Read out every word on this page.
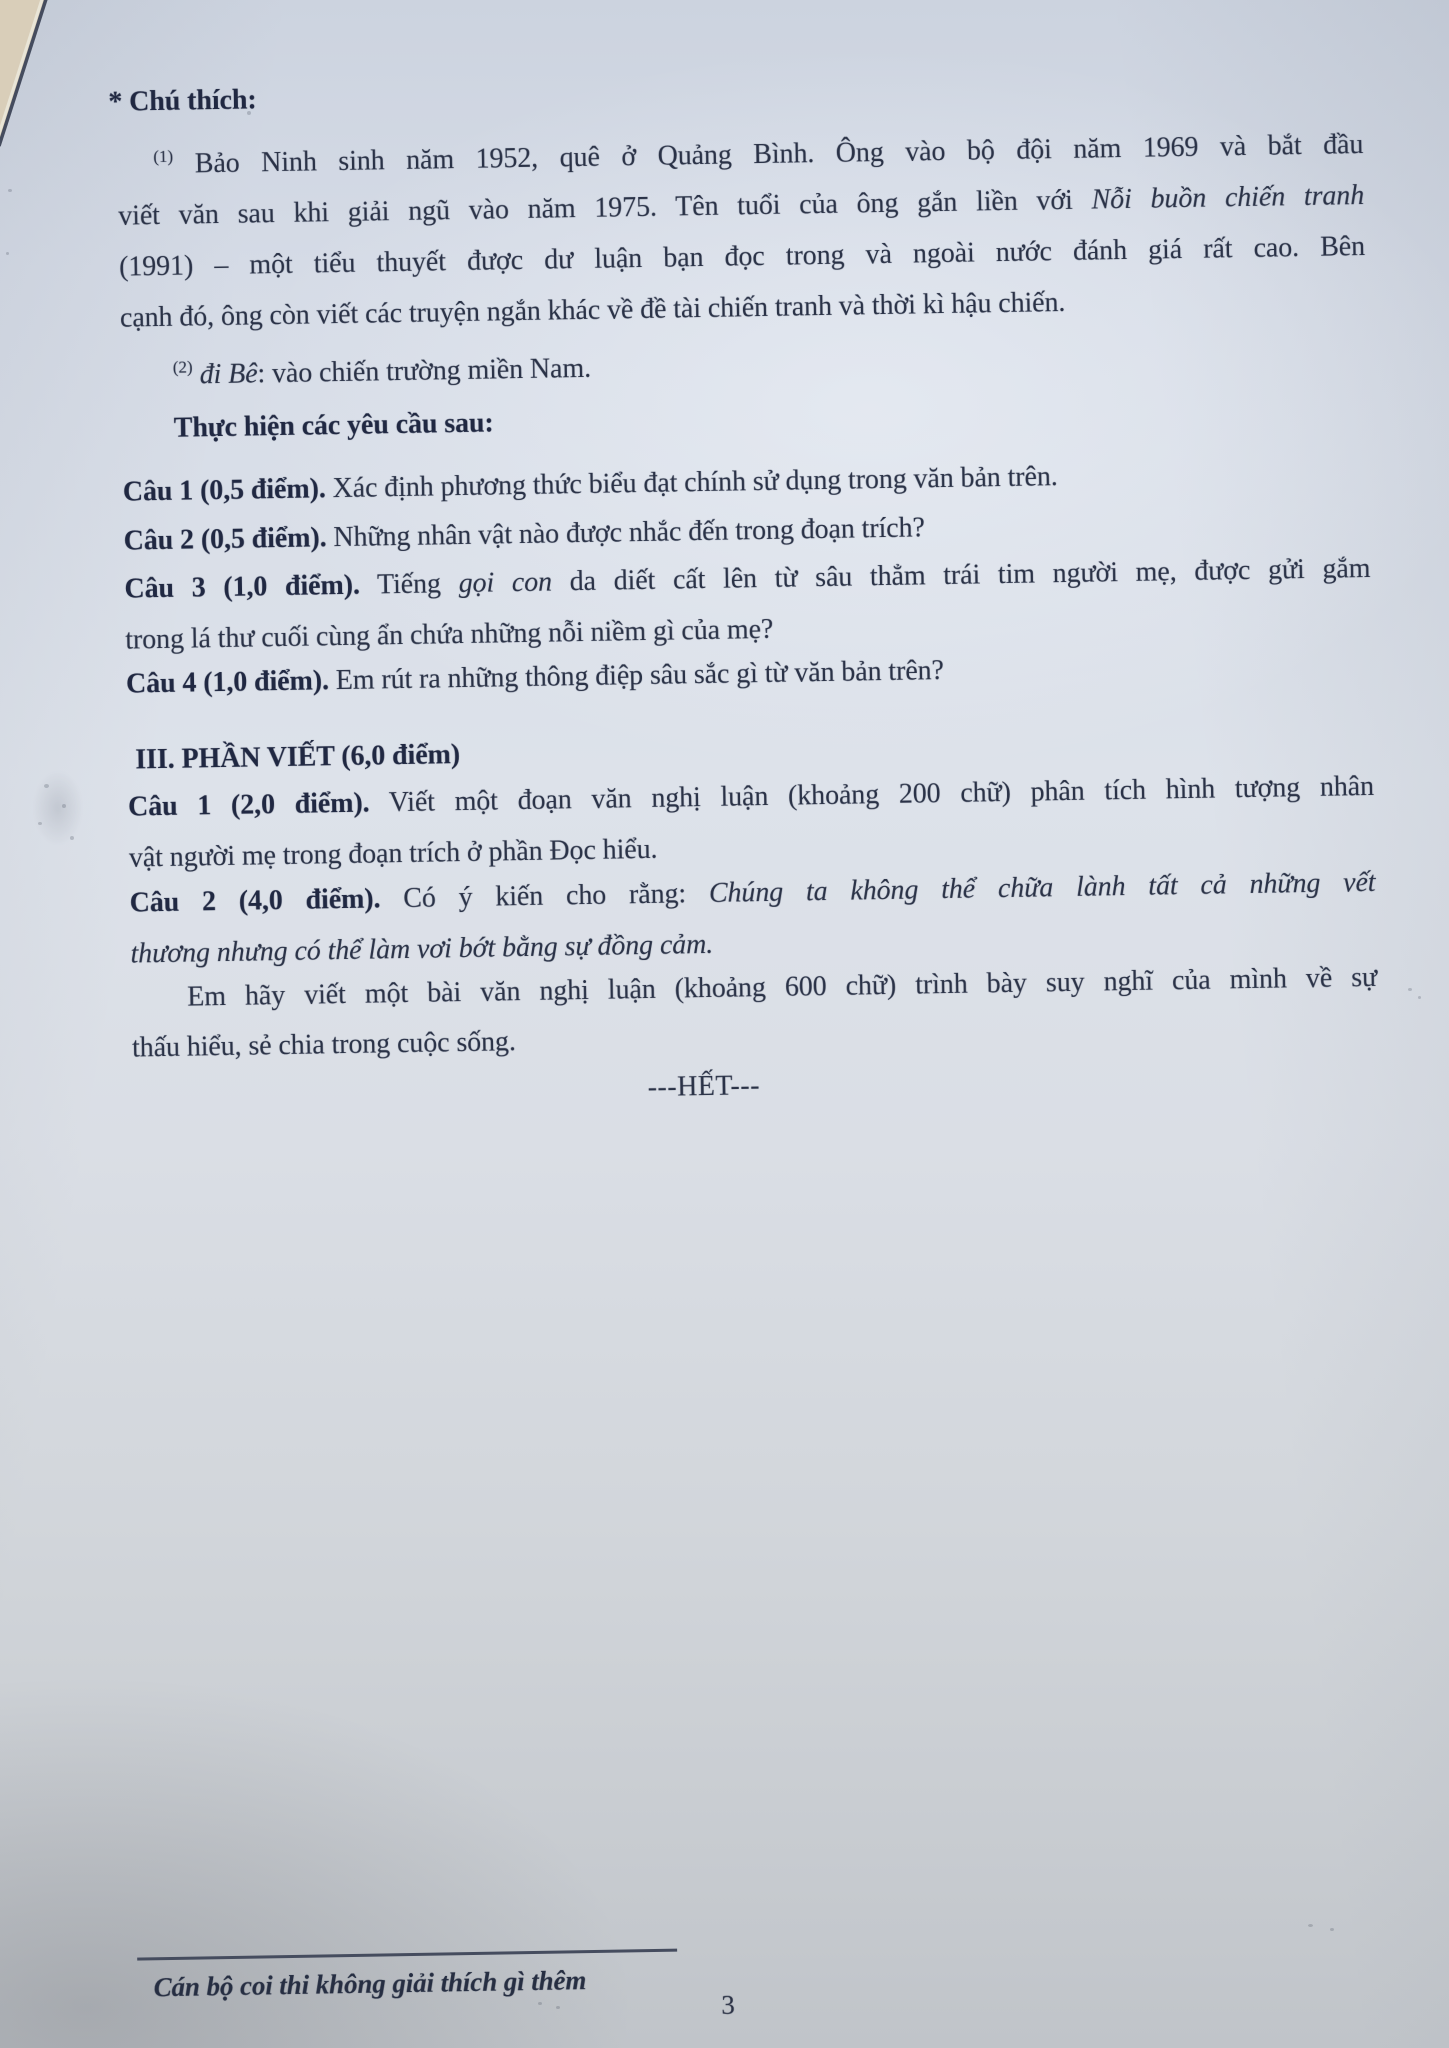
---HẾT---
Em hãy viết một bài văn nghị luận (khoảng 600 chữ) trình bày suy nghĩ của mình về sự
thấu hiểu, sẻ chia trong cuộc sống.
Câu 2 (4,0 điểm). Có ý kiến cho rằng: Chúng ta không thể chữa lành tất cả những vết
thương nhưng có thể làm vơi bớt bằng sự đồng cảm.
Câu 1 (2,0 điểm). Viết một đoạn văn nghị luận (khoảng 200 chữ) phân tích hình tượng nhân
vật người mẹ trong đoạn trích ở phần Đọc hiểu.
III. PHẦN VIẾT (6,0 điểm)
Câu 4 (1,0 điểm). Em rút ra những thông điệp sâu sắc gì từ văn bản trên?
Câu 3 (1,0 điểm). Tiếng gọi con da diết cất lên từ sâu thẳm trái tim người mẹ, được gửi gắm
trong lá thư cuối cùng ẩn chứa những nỗi niềm gì của mẹ?
Câu 2 (0,5 điểm). Những nhân vật nào được nhắc đến trong đoạn trích?
Câu 1 (0,5 điểm). Xác định phương thức biểu đạt chính sử dụng trong văn bản trên.
Thực hiện các yêu cầu sau:
$^{(2)}$ đi Bê: vào chiến trường miền Nam.
$^{(1)}$ Bảo Ninh sinh năm 1952, quê ở Quảng Bình. Ông vào bộ đội năm 1969 và bắt đầu
viết văn sau khi giải ngũ vào năm 1975. Tên tuổi của ông gắn liền với Nỗi buồn chiến tranh
(1991) – một tiểu thuyết được dư luận bạn đọc trong và ngoài nước đánh giá rất cao. Bên
cạnh đó, ông còn viết các truyện ngắn khác về đề tài chiến tranh và thời kì hậu chiến.
* Chú thích:
Cán bộ coi thi không giải thích gì thêm
3
